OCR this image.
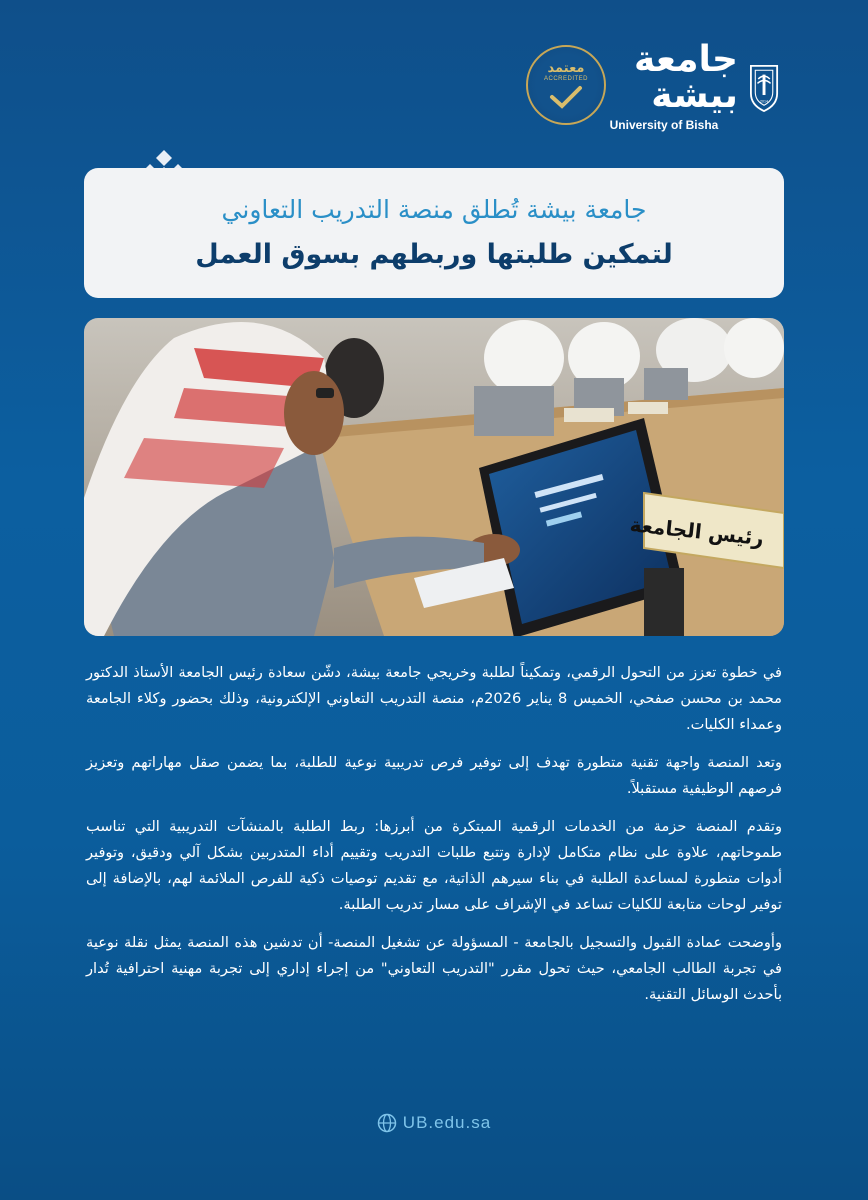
2014
جامعة بيشة
University of Bisha
معتمد
ACCREDITED
جامعة بيشة تُطلق منصة التدريب التعاوني
لتمكين طلبتها وربطهم بسوق العمل
رئيس الجامعة

في خطوة تعزز من التحول الرقمي، وتمكيناً لطلبة وخريجي جامعة بيشة، دشّن سعادة رئيس الجامعة الأستاذ الدكتور محمد بن محسن صفحي، الخميس 8 يناير 2026م، منصة التدريب التعاوني الإلكترونية، وذلك بحضور وكلاء الجامعة وعمداء الكليات.

وتعد المنصة واجهة تقنية متطورة تهدف إلى توفير فرص تدريبية نوعية للطلبة، بما يضمن صقل مهاراتهم وتعزيز فرصهم الوظيفية مستقبلاً.

وتقدم المنصة حزمة من الخدمات الرقمية المبتكرة من أبرزها: ربط الطلبة بالمنشآت التدريبية التي تناسب طموحاتهم، علاوة على نظام متكامل لإدارة وتتبع طلبات التدريب وتقييم أداء المتدربين بشكل آلي ودقيق، وتوفير أدوات متطورة لمساعدة الطلبة في بناء سيرهم الذاتية، مع تقديم توصيات ذكية للفرص الملائمة لهم، بالإضافة إلى توفير لوحات متابعة للكليات تساعد في الإشراف على مسار تدريب الطلبة.

وأوضحت عمادة القبول والتسجيل بالجامعة - المسؤولة عن تشغيل المنصة- أن تدشين هذه المنصة يمثل نقلة نوعية في تجربة الطالب الجامعي، حيث تحول مقرر "التدريب التعاوني" من إجراء إداري إلى تجربة مهنية احترافية تُدار بأحدث الوسائل التقنية.

UB.edu.sa
